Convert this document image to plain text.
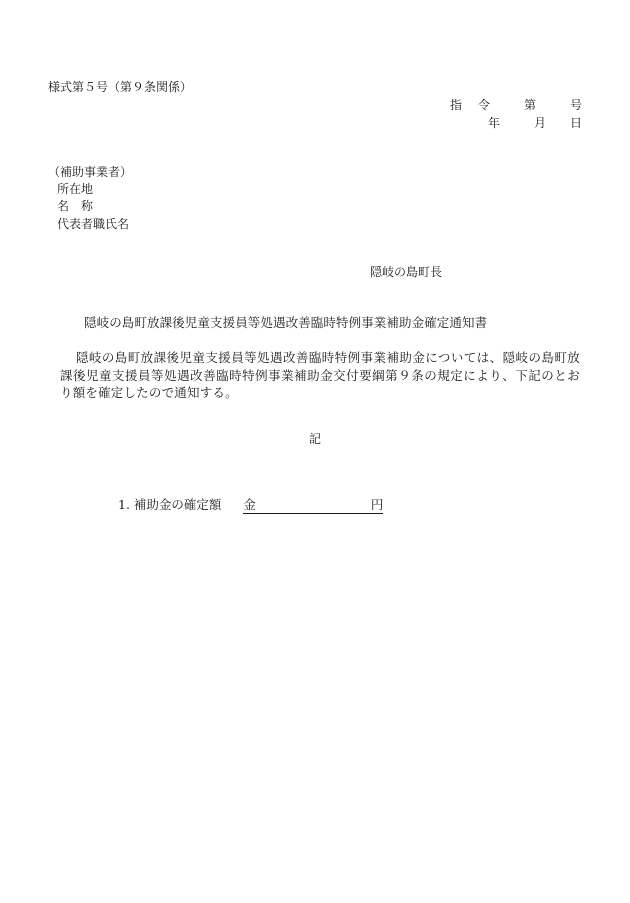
様式第５号（第９条関係）
指 令	第	号
年	月 日
（補助事業者）
所在地
名　称
代表者職氏名
隠岐の島町長
隠岐の島町放課後児童支援員等処遇改善臨時特例事業補助金確定通知書
隠岐の島町放課後児童支援員等処遇改善臨時特例事業補助金については、隠岐の島町放課後児童支援員等処遇改善臨時特例事業補助金交付要綱第９条の規定により、下記のとおり額を確定したので通知する。
記
1. 補助金の確定額 金	円
